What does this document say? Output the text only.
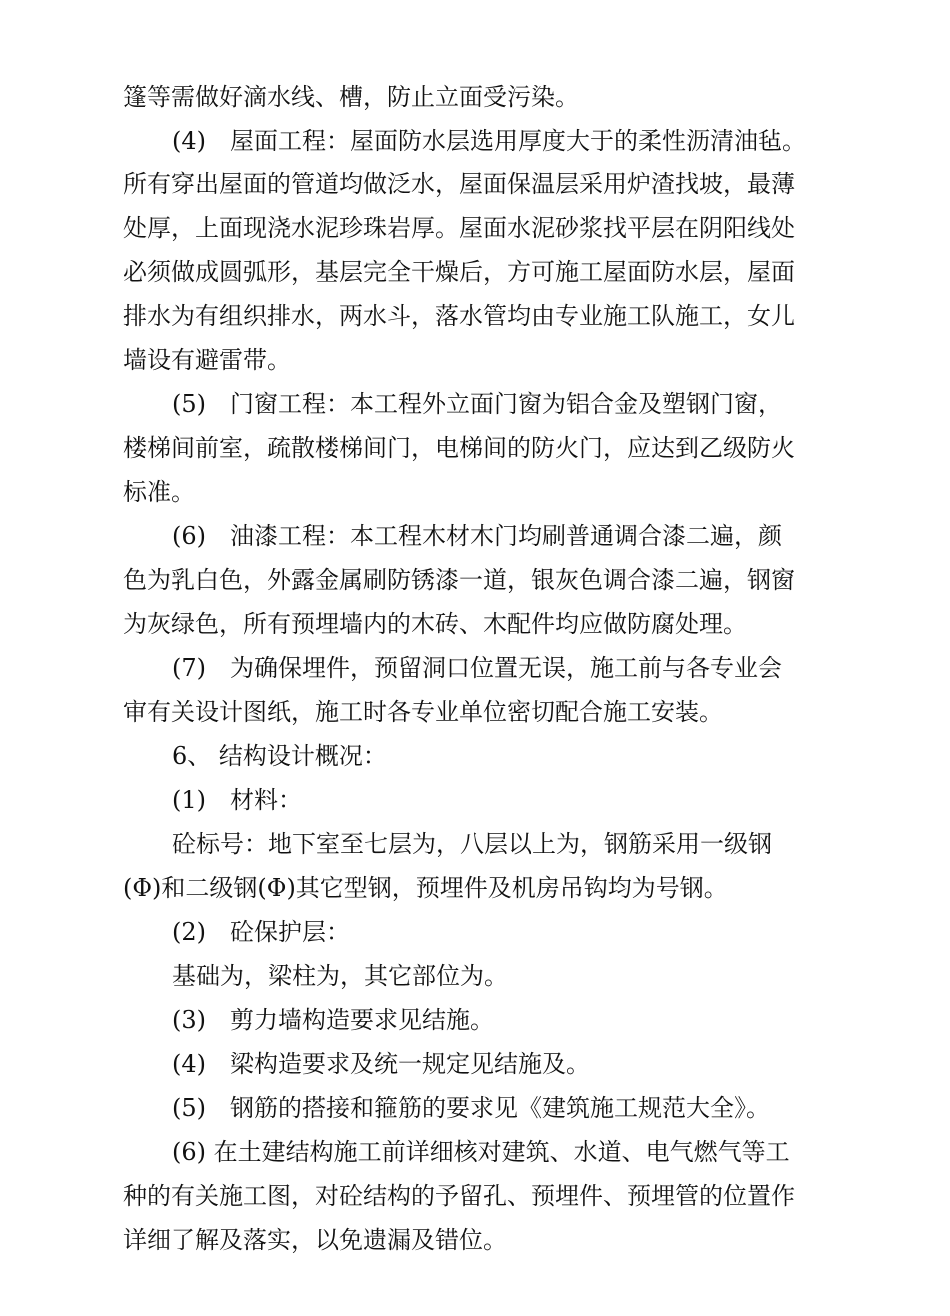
篷等需做好滴水线、槽，防止立面受污染。
(4)　屋面工程：屋面防水层选用厚度大于的柔性沥清油毡。
所有穿出屋面的管道均做泛水，屋面保温层采用炉渣找坡，最薄
处厚，上面现浇水泥珍珠岩厚。屋面水泥砂浆找平层在阴阳线处
必须做成圆弧形，基层完全干燥后，方可施工屋面防水层，屋面
排水为有组织排水，两水斗，落水管均由专业施工队施工，女儿
墙设有避雷带。
(5)　门窗工程：本工程外立面门窗为铝合金及塑钢门窗，
楼梯间前室，疏散楼梯间门，电梯间的防火门，应达到乙级防火
标准。
(6)　油漆工程：本工程木材木门均刷普通调合漆二遍，颜
色为乳白色，外露金属刷防锈漆一道，银灰色调合漆二遍，钢窗
为灰绿色，所有预埋墙内的木砖、木配件均应做防腐处理。
(7)　为确保埋件，预留洞口位置无误，施工前与各专业会
审有关设计图纸，施工时各专业单位密切配合施工安装。
6、 结构设计概况：
(1)　材料：
砼标号：地下室至七层为，八层以上为，钢筋采用一级钢
(Φ)和二级钢(Φ)其它型钢，预埋件及机房吊钩均为号钢。
(2)　砼保护层：
基础为，梁柱为，其它部位为。
(3)　剪力墙构造要求见结施。
(4)　梁构造要求及统一规定见结施及。
(5)　钢筋的搭接和箍筋的要求见《建筑施工规范大全》。
(6) 在土建结构施工前详细核对建筑、水道、电气燃气等工
种的有关施工图，对砼结构的予留孔、预埋件、预埋管的位置作
详细了解及落实，以免遗漏及错位。
